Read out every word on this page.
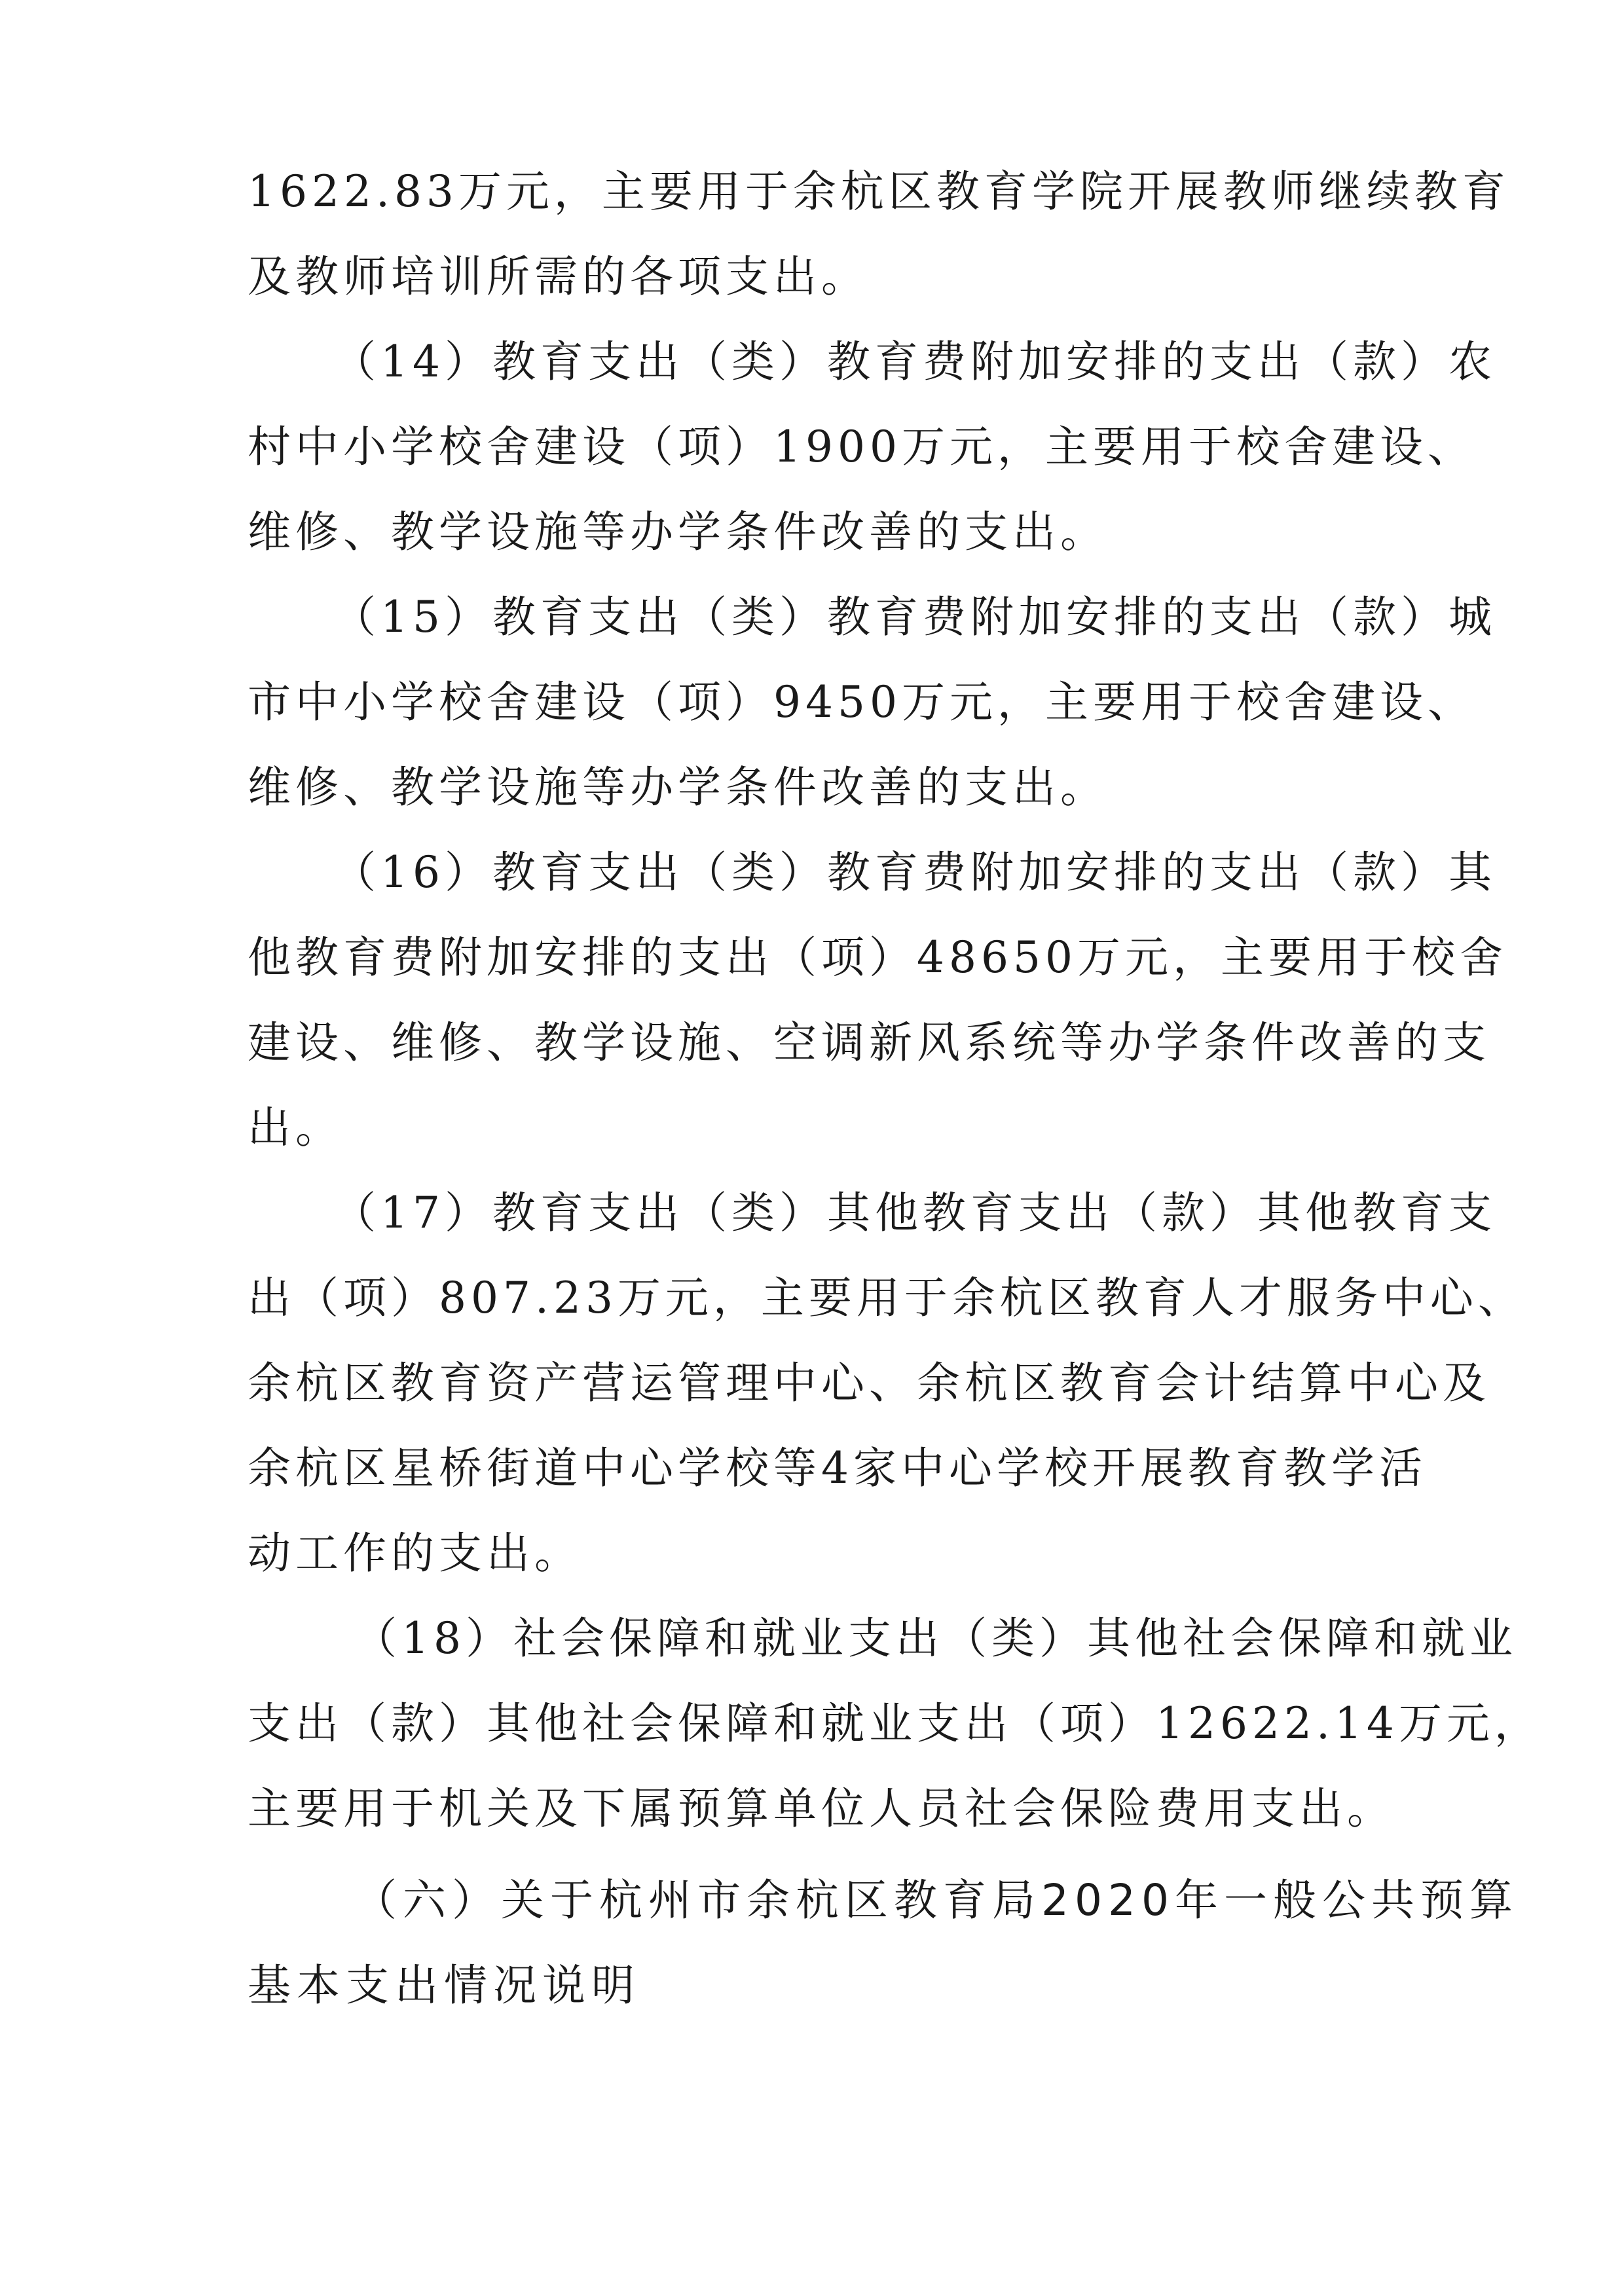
1622.83万元，主要用于余杭区教育学院开展教师继续教育
及教师培训所需的各项支出。
（14）教育支出（类）教育费附加安排的支出（款）农
村中小学校舍建设（项）1900万元，主要用于校舍建设、
维修、教学设施等办学条件改善的支出。
（15）教育支出（类）教育费附加安排的支出（款）城
市中小学校舍建设（项）9450万元，主要用于校舍建设、
维修、教学设施等办学条件改善的支出。
（16）教育支出（类）教育费附加安排的支出（款）其
他教育费附加安排的支出（项）48650万元，主要用于校舍
建设、维修、教学设施、空调新风系统等办学条件改善的支
出。
（17）教育支出（类）其他教育支出（款）其他教育支
出（项）807.23万元，主要用于余杭区教育人才服务中心、
余杭区教育资产营运管理中心、余杭区教育会计结算中心及
余杭区星桥街道中心学校等4家中心学校开展教育教学活
动工作的支出。
（18）社会保障和就业支出（类）其他社会保障和就业
支出（款）其他社会保障和就业支出（项）12622.14万元，
主要用于机关及下属预算单位人员社会保险费用支出。
（六）关于杭州市余杭区教育局2020年一般公共预算
基本支出情况说明
